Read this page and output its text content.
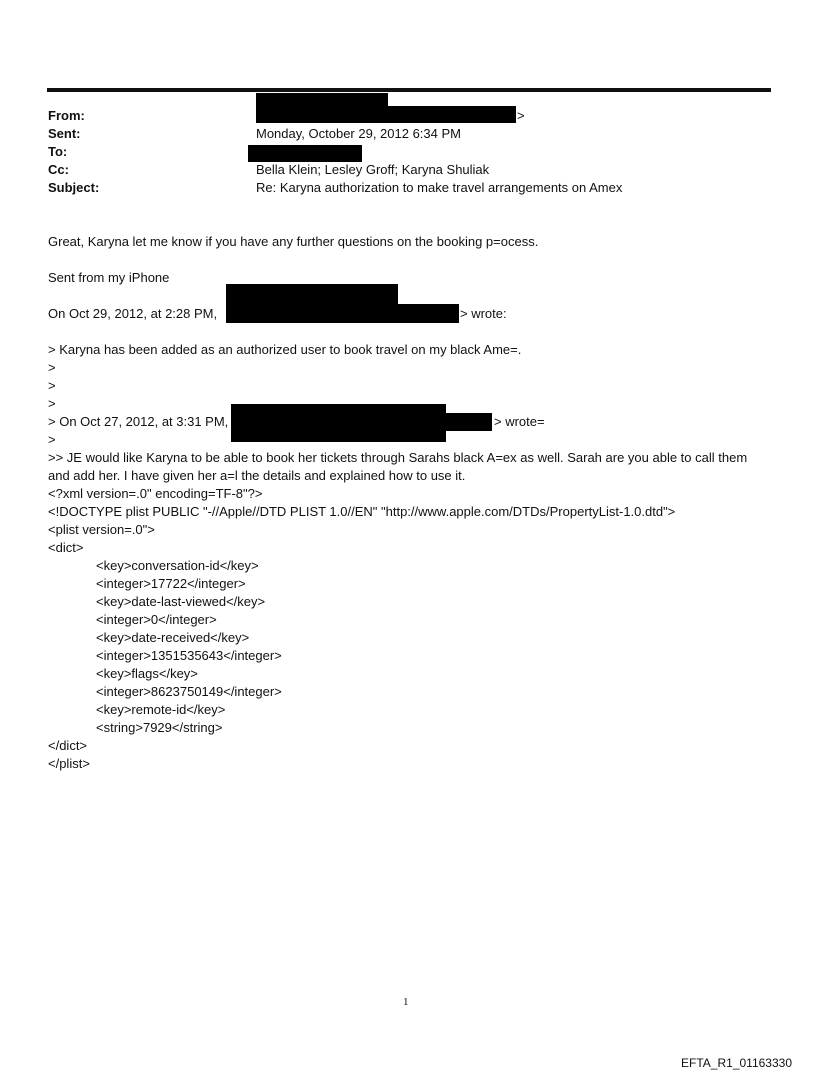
From:	>
Sent:	Monday, October 29, 2012 6:34 PM
To:
Cc:	Bella Klein; Lesley Groff; Karyna Shuliak
Subject:	Re: Karyna authorization to make travel arrangements on Amex
Great, Karyna let me know if you have any further questions on the booking p=ocess.
Sent from my iPhone
On Oct 29, 2012, at 2:28 PM,	> wrote:
> Karyna has been added as an authorized user to book travel on my black Ame=.
>
>
>
> On Oct 27, 2012, at 3:31 PM,	> wrote=
>
>> JE would like Karyna to be able to book her tickets through Sarahs black A=ex as well. Sarah are you able to call them
and add her. I have given her a=l the details and explained how to use it.
<?xml version=.0" encoding=TF-8"?>
<!DOCTYPE plist PUBLIC "-//Apple//DTD PLIST 1.0//EN" "http://www.apple.com/DTDs/PropertyList-1.0.dtd">
<plist version=.0">
<dict>
<key>conversation-id</key>
<integer>17722</integer>
<key>date-last-viewed</key>
<integer>0</integer>
<key>date-received</key>
<integer>1351535643</integer>
<key>flags</key>
<integer>8623750149</integer>
<key>remote-id</key>
<string>7929</string>
</dict>
</plist>
1
EFTA_R1_01163330
